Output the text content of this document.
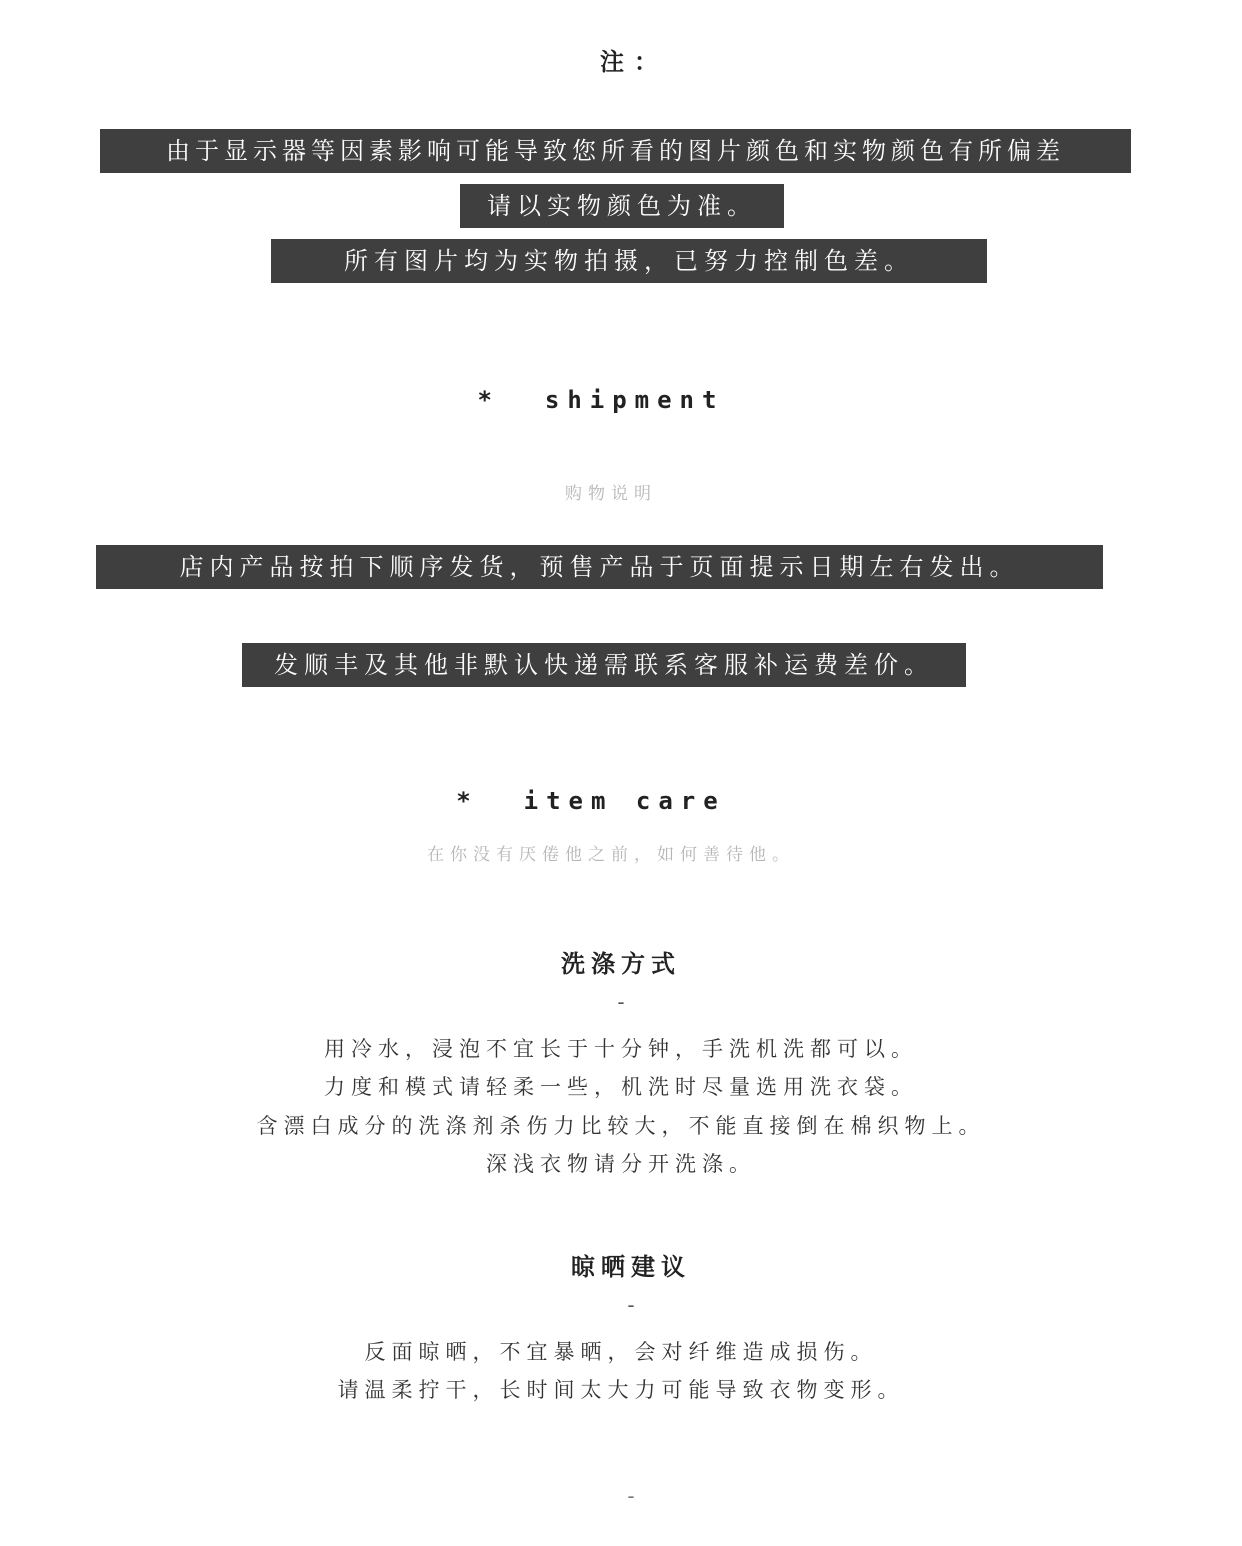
注：
由于显示器等因素影响可能导致您所看的图片颜色和实物颜色有所偏差
请以实物颜色为准。
所有图片均为实物拍摄，已努力控制色差。
*  shipment
购物说明
店内产品按拍下顺序发货，预售产品于页面提示日期左右发出。
发顺丰及其他非默认快递需联系客服补运费差价。
*  item care
在你没有厌倦他之前，如何善待他。
洗涤方式
-
用冷水，浸泡不宜长于十分钟，手洗机洗都可以。
力度和模式请轻柔一些，机洗时尽量选用洗衣袋。
含漂白成分的洗涤剂杀伤力比较大，不能直接倒在棉织物上。
深浅衣物请分开洗涤。
晾晒建议
-
反面晾晒，不宜暴晒，会对纤维造成损伤。
请温柔拧干，长时间太大力可能导致衣物变形。
-
